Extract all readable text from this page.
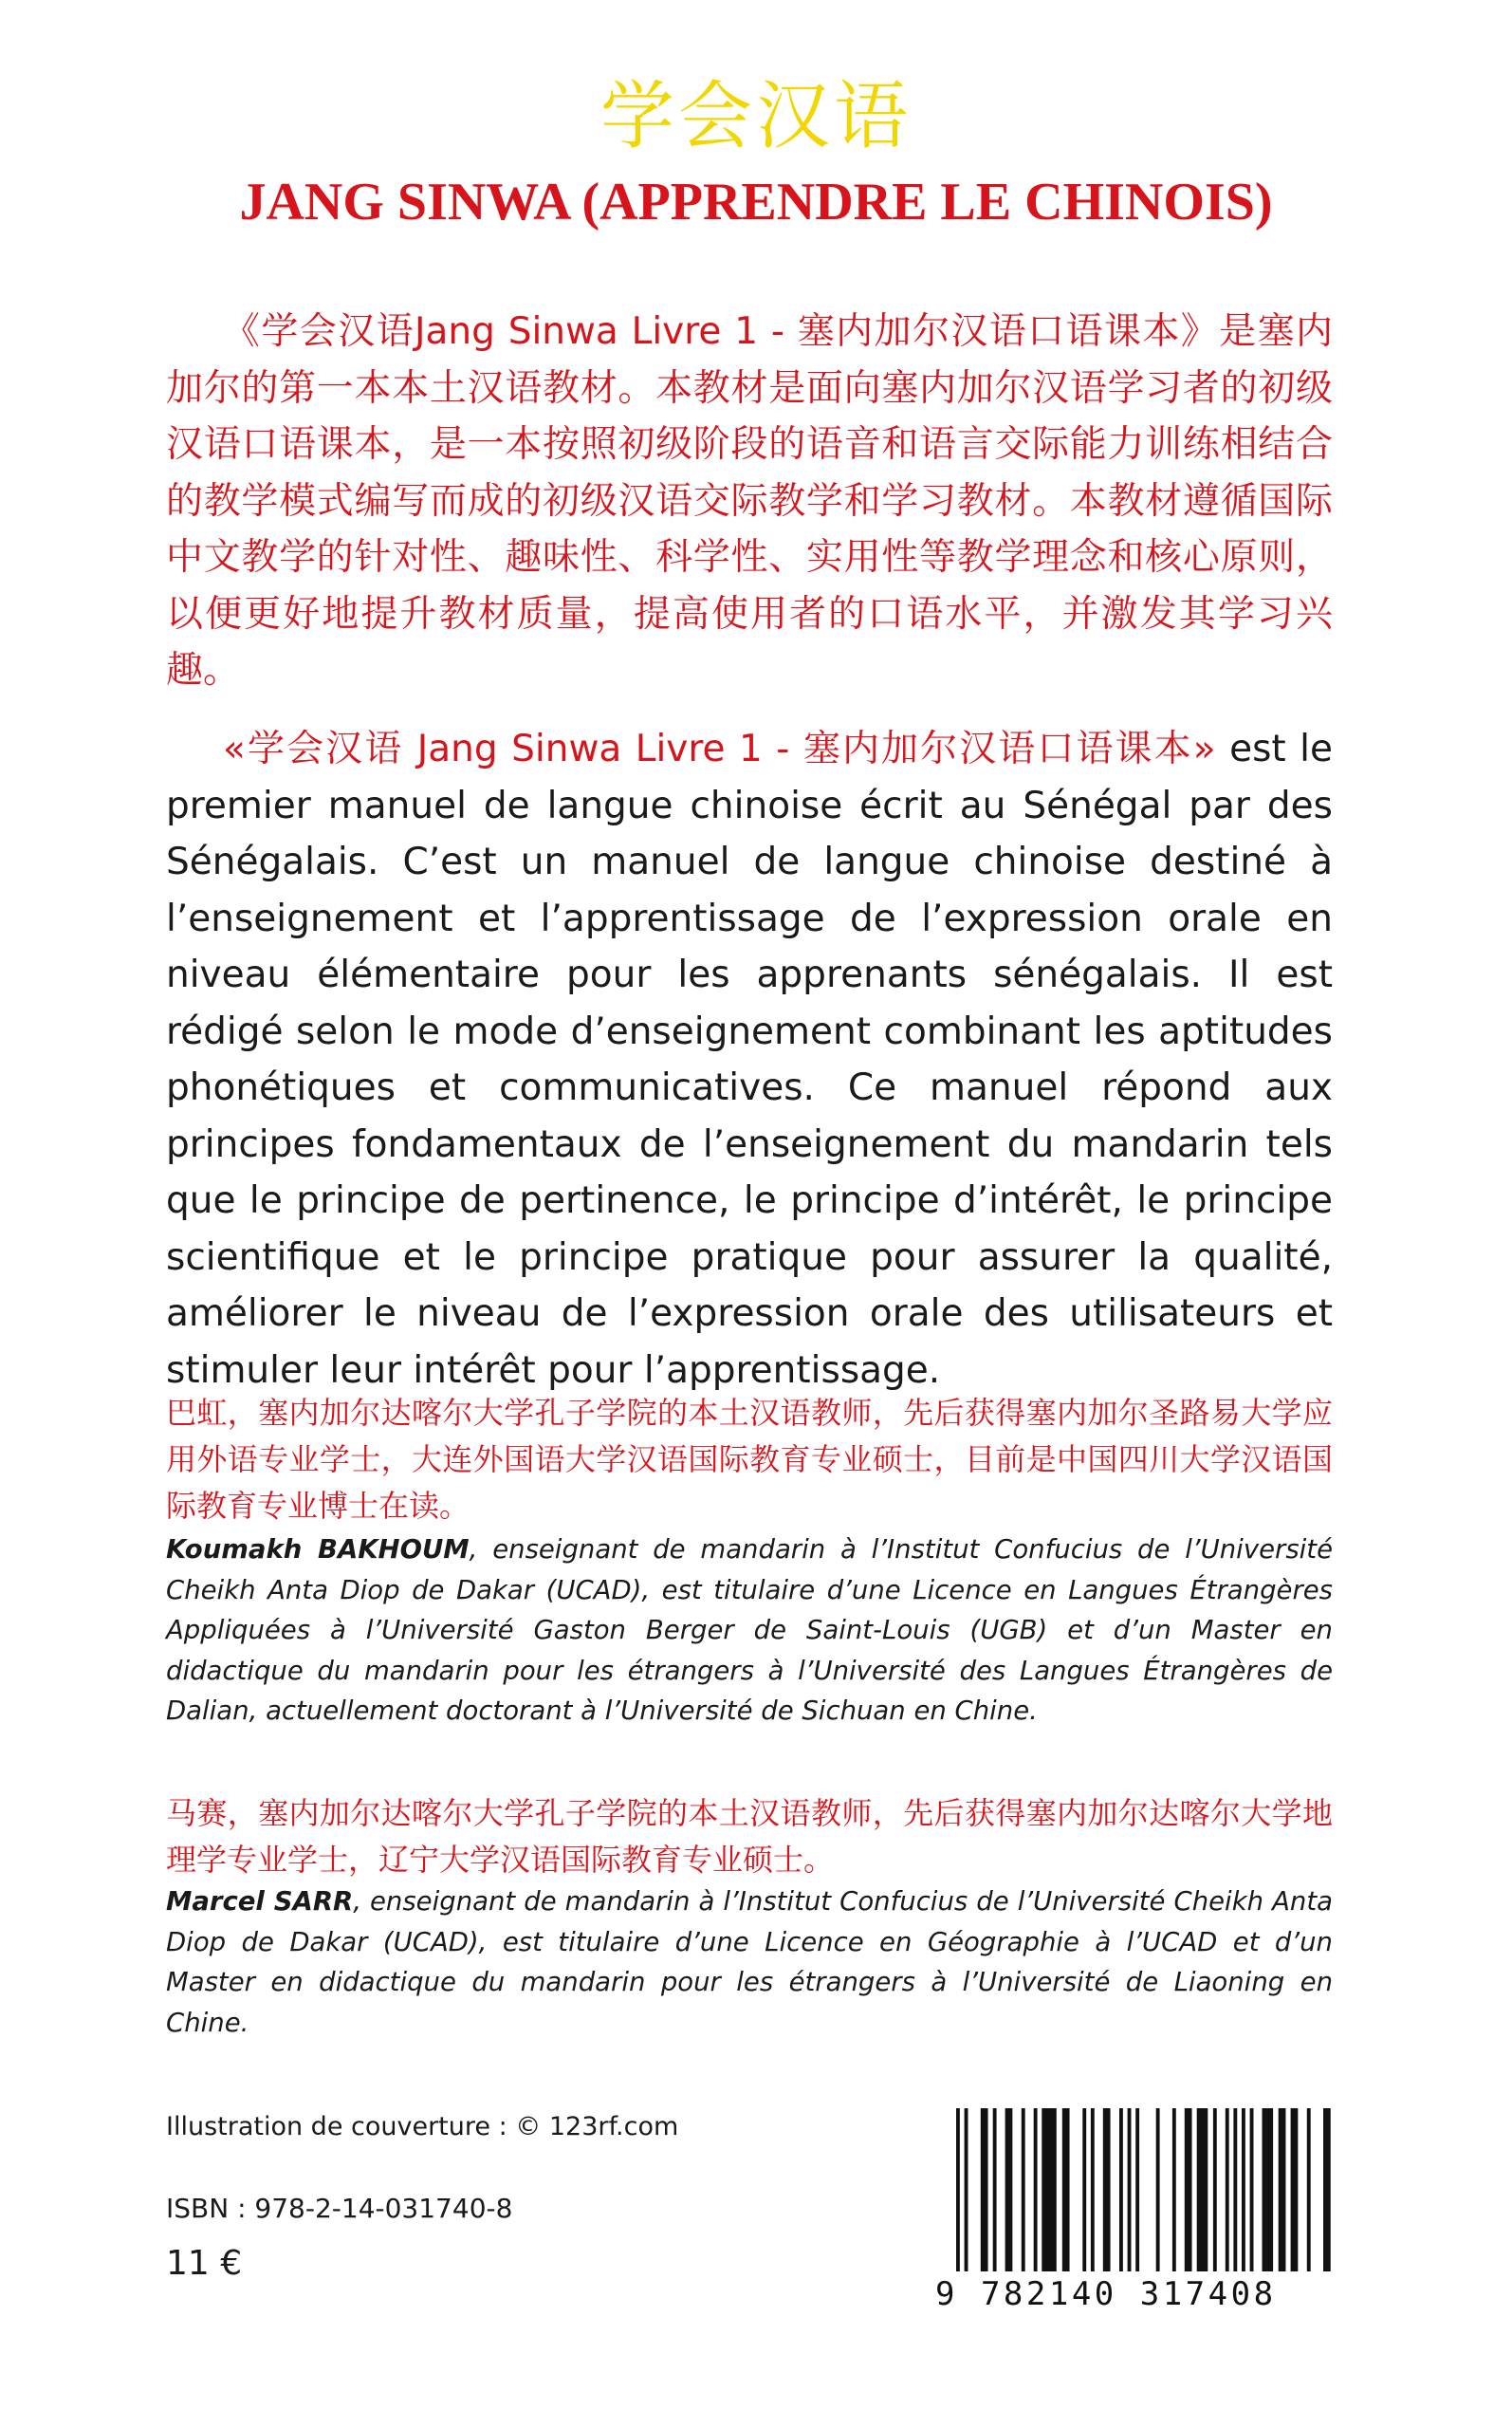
学会汉语
JANG SINWA (APPRENDRE LE CHINOIS)
《学会汉语Jang Sinwa Livre 1 - 塞内加尔汉语口语课本》是塞内加尔的第一本本土汉语教材。本教材是面向塞内加尔汉语学习者的初级汉语口语课本，是一本按照初级阶段的语音和语言交际能力训练相结合的教学模式编写而成的初级汉语交际教学和学习教材。本教材遵循国际中文教学的针对性、趣味性、科学性、实用性等教学理念和核心原则，以便更好地提升教材质量，提高使用者的口语水平，并激发其学习兴趣。
«学会汉语 Jang Sinwa Livre 1 - 塞内加尔汉语口语课本» est le premier manuel de langue chinoise écrit au Sénégal par des Sénégalais. C’est un manuel de langue chinoise destiné à l’enseignement et l’apprentissage de l’expression orale en niveau élémentaire pour les apprenants sénégalais. Il est rédigé selon le mode d’enseignement combinant les aptitudes phonétiques et communicatives. Ce manuel répond aux principes fondamentaux de l’enseignement du mandarin tels que le principe de pertinence, le principe d’intérêt, le principe scientifique et le principe pratique pour assurer la qualité, améliorer le niveau de l’expression orale des utilisateurs et stimuler leur intérêt pour l’apprentissage.
巴虹，塞内加尔达喀尔大学孔子学院的本土汉语教师，先后获得塞内加尔圣路易大学应用外语专业学士，大连外国语大学汉语国际教育专业硕士，目前是中国四川大学汉语国际教育专业博士在读。
Koumakh BAKHOUM, enseignant de mandarin à l’Institut Confucius de l’Université Cheikh Anta Diop de Dakar (UCAD), est titulaire d’une Licence en Langues Étrangères Appliquées à l’Université Gaston Berger de Saint-Louis (UGB) et d’un Master en didactique du mandarin pour les étrangers à l’Université des Langues Étrangères de Dalian, actuellement doctorant à l’Université de Sichuan en Chine.
马赛，塞内加尔达喀尔大学孔子学院的本土汉语教师，先后获得塞内加尔达喀尔大学地理学专业学士，辽宁大学汉语国际教育专业硕士。
Marcel SARR, enseignant de mandarin à l’Institut Confucius de l’Université Cheikh Anta Diop de Dakar (UCAD), est titulaire d’une Licence en Géographie à l’UCAD et d’un Master en didactique du mandarin pour les étrangers à l’Université de Liaoning en Chine.
Illustration de couverture : © 123rf.com
ISBN : 978-2-14-031740-8
11 €
9 782140 317408
